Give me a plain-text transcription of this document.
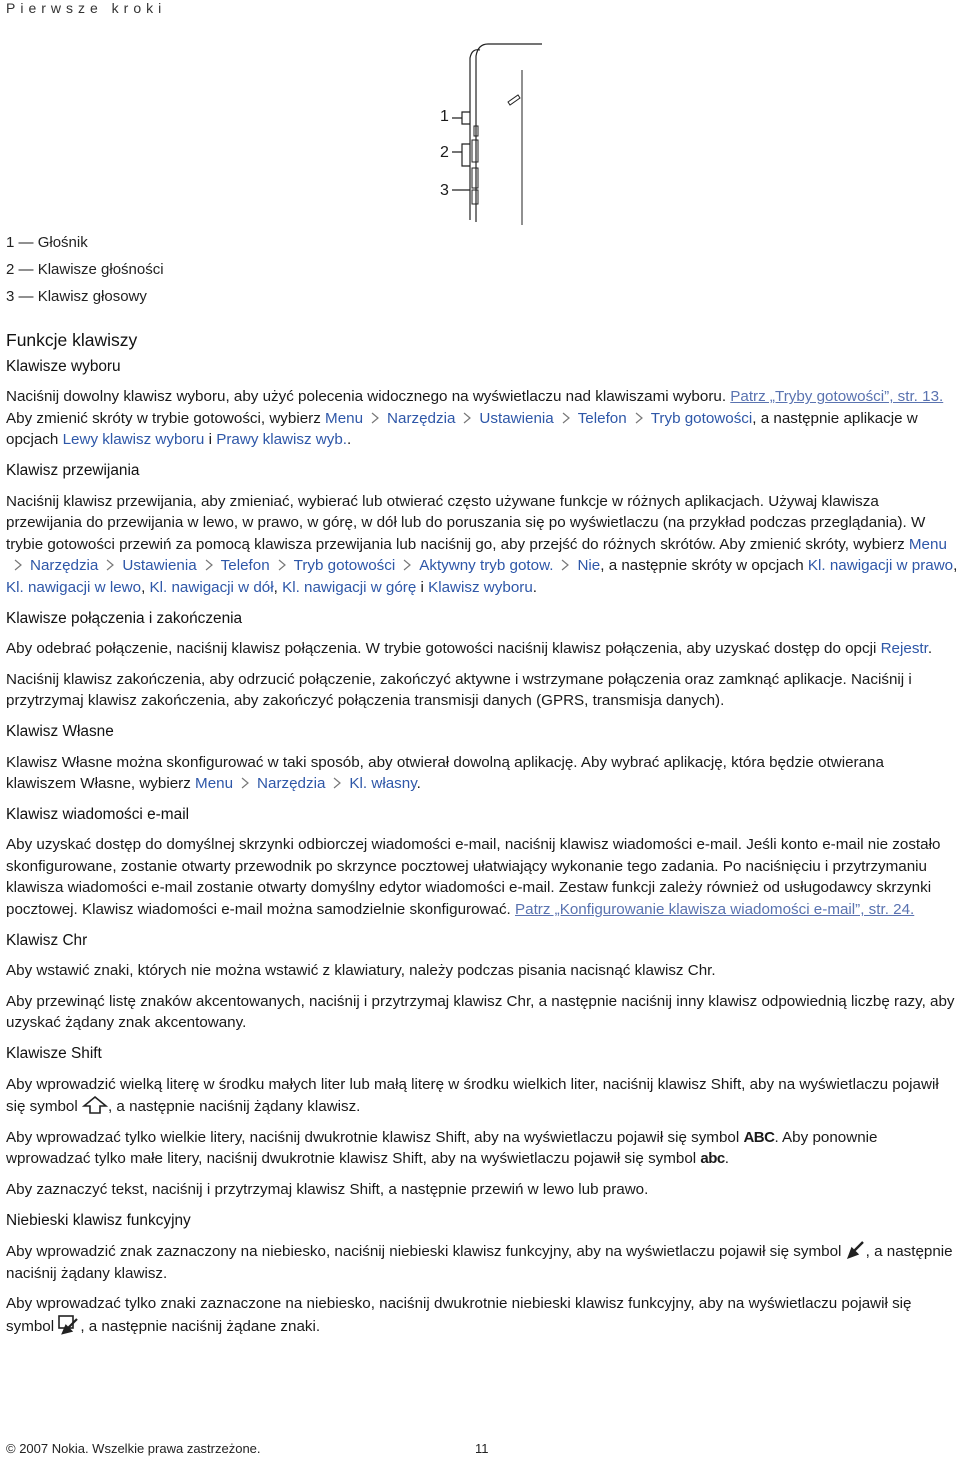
Pierwsze kroki
1
2
3
1 — Głośnik
2 — Klawisze głośności
3 — Klawisz głosowy
Funkcje klawiszy
Klawisze wyboru
Naciśnij dowolny klawisz wyboru, aby użyć polecenia widocznego na wyświetlaczu nad klawiszami wyboru. Patrz „Tryby gotowości”, str. 13. Aby zmienić skróty w trybie gotowości, wybierz Menu Narzędzia Ustawienia Telefon Tryb gotowości, a następnie aplikacje w opcjach Lewy klawisz wyboru i Prawy klawisz wyb..
Klawisz przewijania
Naciśnij klawisz przewijania, aby zmieniać, wybierać lub otwierać często używane funkcje w różnych aplikacjach. Używaj klawisza przewijania do przewijania w lewo, w prawo, w górę, w dół lub do poruszania się po wyświetlaczu (na przykład podczas przeglądania). W trybie gotowości przewiń za pomocą klawisza przewijania lub naciśnij go, aby przejść do różnych skrótów. Aby zmienić skróty, wybierz MenuNarzędzia Ustawienia Telefon Tryb gotowości Aktywny tryb gotow. Nie, a następnie skróty w opcjach Kl. nawigacji w prawo, Kl. nawigacji w lewo, Kl. nawigacji w dół, Kl. nawigacji w górę i Klawisz wyboru.
Klawisze połączenia i zakończenia
Aby odebrać połączenie, naciśnij klawisz połączenia. W trybie gotowości naciśnij klawisz połączenia, aby uzyskać dostęp do opcji Rejestr.
Naciśnij klawisz zakończenia, aby odrzucić połączenie, zakończyć aktywne i wstrzymane połączenia oraz zamknąć aplikacje. Naciśnij i przytrzymaj klawisz zakończenia, aby zakończyć połączenia transmisji danych (GPRS, transmisja danych).
Klawisz Własne
Klawisz Własne można skonfigurować w taki sposób, aby otwierał dowolną aplikację. Aby wybrać aplikację, która będzie otwierana klawiszem Własne, wybierz Menu Narzędzia Kl. własny.
Klawisz wiadomości e-mail
Aby uzyskać dostęp do domyślnej skrzynki odbiorczej wiadomości e-mail, naciśnij klawisz wiadomości e-mail. Jeśli konto e-mail nie zostało skonfigurowane, zostanie otwarty przewodnik po skrzynce pocztowej ułatwiający wykonanie tego zadania. Po naciśnięciu i przytrzymaniu klawisza wiadomości e-mail zostanie otwarty domyślny edytor wiadomości e-mail. Zestaw funkcji zależy również od usługodawcy skrzynki pocztowej. Klawisz wiadomości e-mail można samodzielnie skonfigurować. Patrz „Konfigurowanie klawisza wiadomości e-mail”, str. 24.
Klawisz Chr
Aby wstawić znaki, których nie można wstawić z klawiatury, należy podczas pisania nacisnąć klawisz Chr.
Aby przewinąć listę znaków akcentowanych, naciśnij i przytrzymaj klawisz Chr, a następnie naciśnij inny klawisz odpowiednią liczbę razy, aby uzyskać żądany znak akcentowany.
Klawisze Shift
Aby wprowadzić wielką literę w środku małych liter lub małą literę w środku wielkich liter, naciśnij klawisz Shift, aby na wyświetlaczu pojawił się symbol , a następnie naciśnij żądany klawisz.
Aby wprowadzać tylko wielkie litery, naciśnij dwukrotnie klawisz Shift, aby na wyświetlaczu pojawił się symbol ABC. Aby ponownie wprowadzać tylko małe litery, naciśnij dwukrotnie klawisz Shift, aby na wyświetlaczu pojawił się symbol abc.
Aby zaznaczyć tekst, naciśnij i przytrzymaj klawisz Shift, a następnie przewiń w lewo lub prawo.
Niebieski klawisz funkcyjny
Aby wprowadzić znak zaznaczony na niebiesko, naciśnij niebieski klawisz funkcyjny, aby na wyświetlaczu pojawił się symbol , a następnie naciśnij żądany klawisz.
Aby wprowadzać tylko znaki zaznaczone na niebiesko, naciśnij dwukrotnie niebieski klawisz funkcyjny, aby na wyświetlaczu pojawił się symbol , a następnie naciśnij żądane znaki.
© 2007 Nokia. Wszelkie prawa zastrzeżone.	11
